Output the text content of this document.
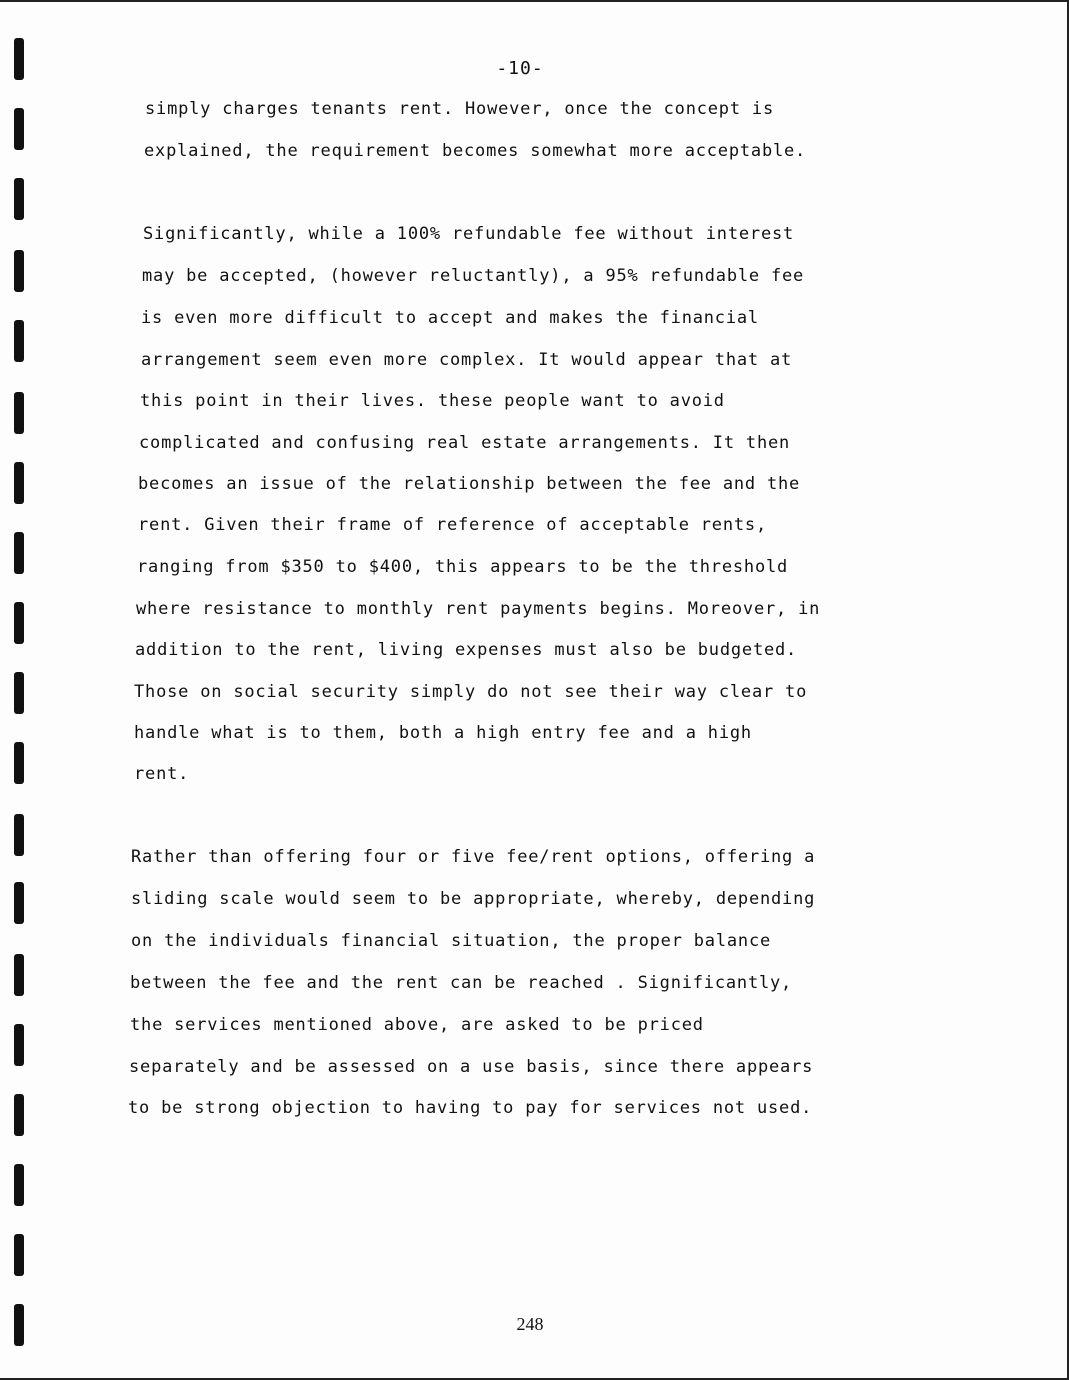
-10-
simply charges tenants rent. However, once the concept is
explained, the requirement becomes somewhat more acceptable.
Significantly, while a 100% refundable fee without interest
may be accepted, (however reluctantly), a 95% refundable fee
is even more difficult to accept and makes the financial
arrangement seem even more complex. It would appear that at
this point in their lives. these people want to avoid
complicated and confusing real estate arrangements. It then
becomes an issue of the relationship between the fee and the
rent. Given their frame of reference of acceptable rents,
ranging from $350 to $400, this appears to be the threshold
where resistance to monthly rent payments begins. Moreover, in
addition to the rent, living expenses must also be budgeted.
Those on social security simply do not see their way clear to
handle what is to them, both a high entry fee and a high
rent.
Rather than offering four or five fee/rent options, offering a
sliding scale would seem to be appropriate, whereby, depending
on the individuals financial situation, the proper balance
between the fee and the rent can be reached . Significantly,
the services mentioned above, are asked to be priced
separately and be assessed on a use basis, since there appears
to be strong objection to having to pay for services not used.
248
